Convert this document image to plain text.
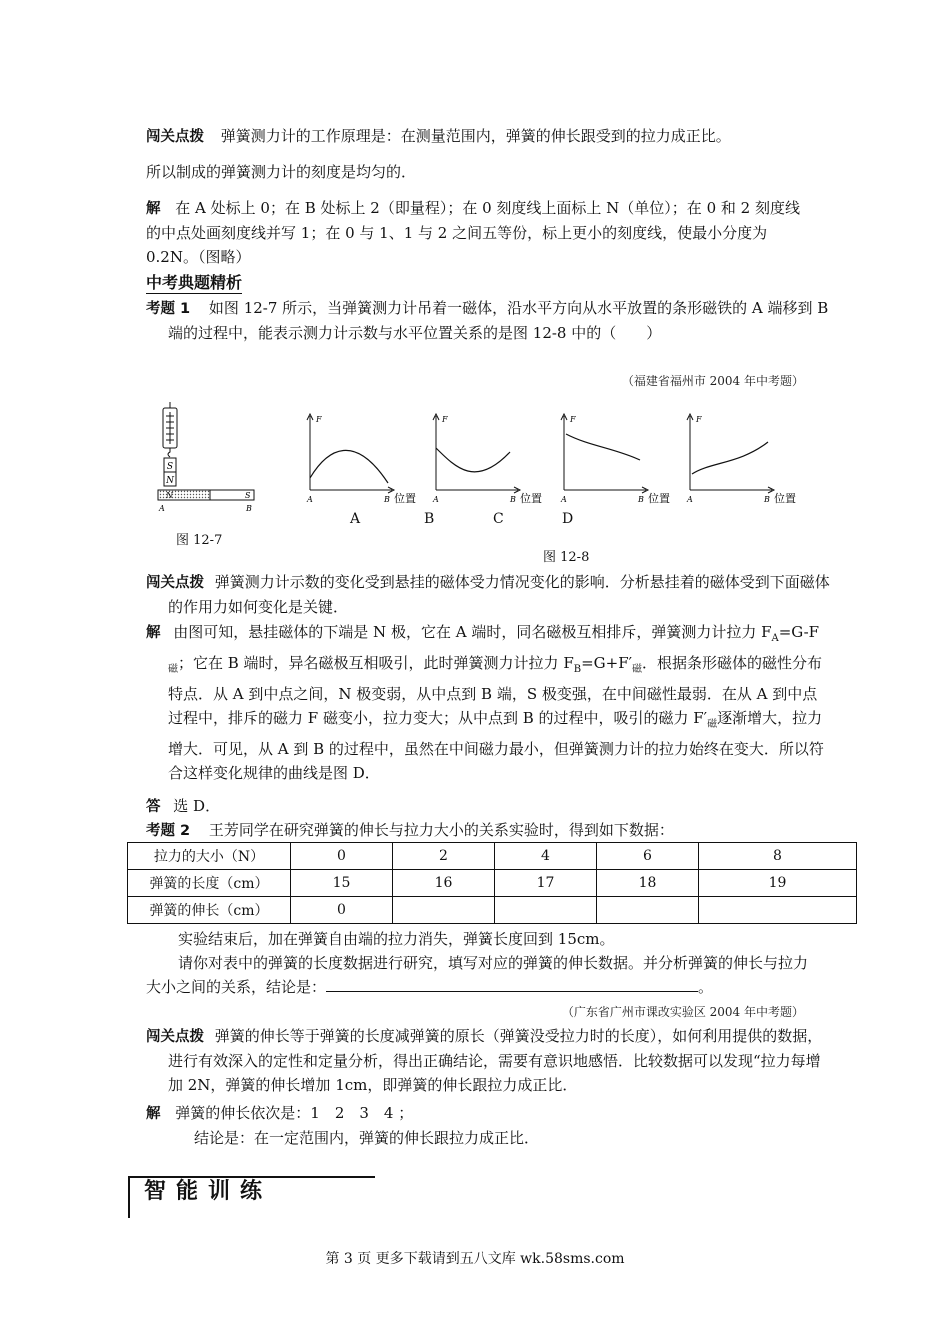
闯关点拨 弹簧测力计的工作原理是：在测量范围内，弹簧的伸长跟受到的拉力成正比。
所以制成的弹簧测力计的刻度是均匀的．
解 在 A 处标上 0；在 B 处标上 2（即量程）；在 0 刻度线上面标上 N（单位）；在 0 和 2 刻度线的中点处画刻度线并写 1；在 0 与 1、1 与 2 之间五等份，标上更小的刻度线，使最小分度为 0.2N。（图略）
中考典题精析
考题 1 如图 12-7 所示，当弹簧测力计吊着一磁体，沿水平方向从水平放置的条形磁铁的 A 端移到 B 端的过程中，能表示测力计示数与水平位置关系的是图 12-8 中的（　　）
（福建省福州市 2004 年中考题）
S
N
N	S
A	B
图 12-7
F	F	F	F
A	B 位置 A	B 位置 A	B 位置 A	B 位置
A	B	C	D
图 12-8
闯关点拨 弹簧测力计示数的变化受到悬挂的磁体受力情况变化的影响．分析悬挂着的磁体受到下面磁体的作用力如何变化是关键．
解 由图可知，悬挂磁体的下端是 N 极，它在 A 端时，同名磁极互相排斥，弹簧测力计拉力 $F_A=G-F_磁$；它在 B 端时，异名磁极互相吸引，此时弹簧测力计拉力 $F_B=G+F'_磁$．根据条形磁体的磁性分布特点．从 A 到中点之间，N 极变弱，从中点到 B 端，S 极变强，在中间磁性最弱．在从 A 到中点过程中，排斥的磁力 F 磁变小，拉力变大；从中点到 B 的过程中，吸引的磁力 $F'_磁$逐渐增大，拉力增大．可见，从 A 到 B 的过程中，虽然在中间磁力最小，但弹簧测力计的拉力始终在变大．所以符合这样变化规律的曲线是图 D．
答 选 D．
考题 2 王芳同学在研究弹簧的伸长与拉力大小的关系实验时，得到如下数据：
拉力的大小（N）	0	2	4	6	8
弹簧的长度（cm）	15	16	17	18	19
弹簧的伸长（cm）	0				
实验结束后，加在弹簧自由端的拉力消失，弹簧长度回到 15cm。
请你对表中的弹簧的长度数据进行研究，填写对应的弹簧的伸长数据。并分析弹簧的伸长与拉力大小之间的关系，结论是：	。
（广东省广州市课改实验区 2004 年中考题）
闯关点拨 弹簧的伸长等于弹簧的长度减弹簧的原长（弹簧没受拉力时的长度），如何利用提供的数据，进行有效深入的定性和定量分析，得出正确结论，需要有意识地感悟．比较数据可以发现“拉力每增加 2N，弹簧的伸长增加 1cm，即弹簧的伸长跟拉力成正比．
解 弹簧的伸长依次是：1　2　3　4 ；
结论是：在一定范围内，弹簧的伸长跟拉力成正比．
智能训练
第 3 页 更多下载请到五八文库 wk.58sms.com
